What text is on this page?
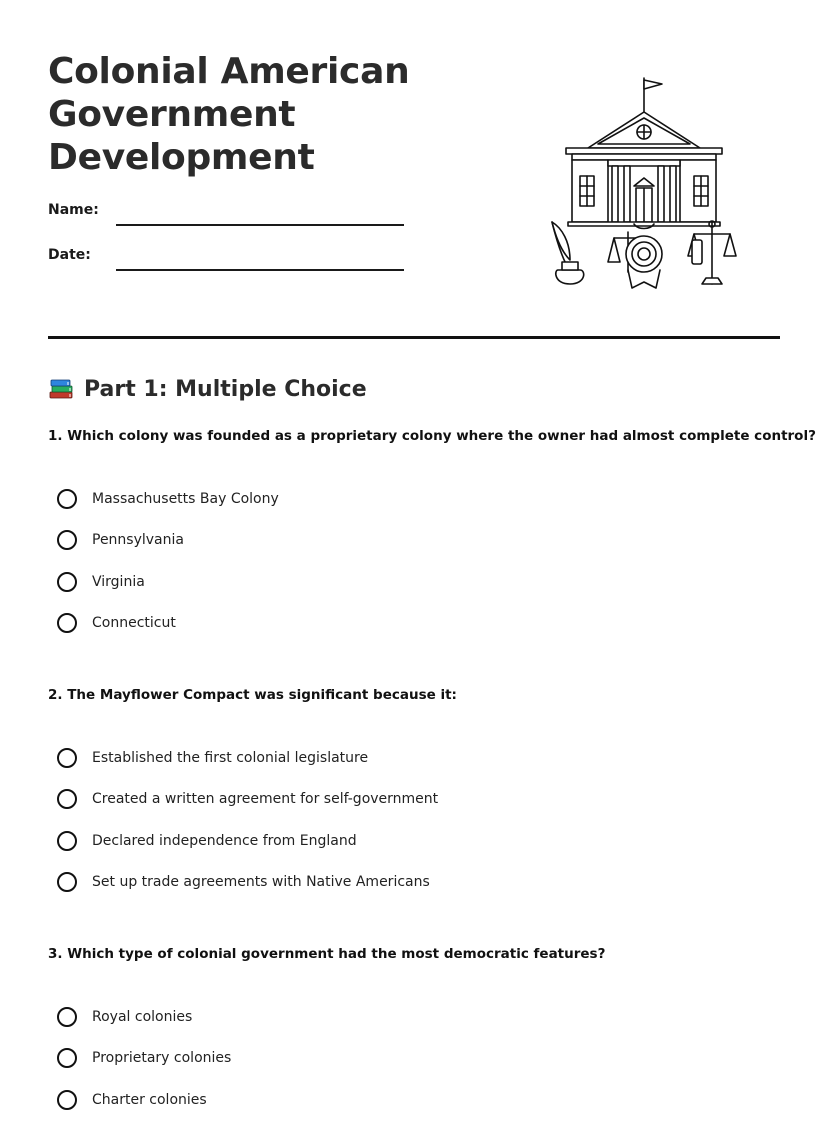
Colonial American
Government
Development
Name:
Date:
Part 1: Multiple Choice

1. Which colony was founded as a proprietary colony where the owner had almost complete control?

Massachusetts Bay Colony
Pennsylvania
Virginia
Connecticut

2. The Mayflower Compact was significant because it:

Established the first colonial legislature
Created a written agreement for self-government
Declared independence from England
Set up trade agreements with Native Americans

3. Which type of colonial government had the most democratic features?

Royal colonies
Proprietary colonies
Charter colonies
